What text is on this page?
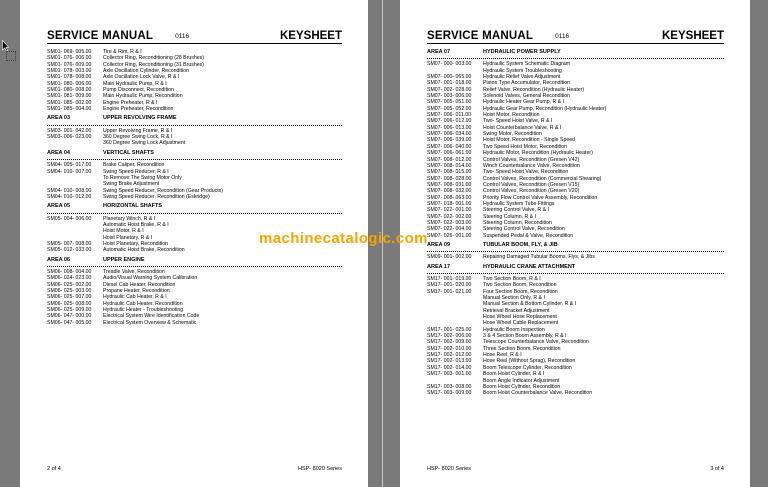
SERVICE MANUAL	0116	KEYSHEET
SM01- 069- 005.00	Tire & Rim, R & I
SM01- 076- 006.00	Collector Ring, Reconditioning (28 Brushes)
SM01- 076- 009.00	Collector Ring, Reconditioning (31 Brushes)
SM01- 078- 003.00	Axle Oscillation Cylinder, Recondition
SM01- 078- 008.00	Axle Oscillation Lock Valve, R & I
SM01- 080- 006.00	Main Hydraulic Pump, R & I
SM01- 080- 008.00	Pump Disconnect, Recondition
SM01- 081- 009.00	Main Hydraulic Pump, Recondition
SM01- 085- 002.00	Engine Preheater, R & I
SM01- 085- 004.00	Engine Preheater, Recondition
AREA 03	UPPER REVOLVING FRAME
SM03- 001- 042.00	Upper Revolving Frame, R & I
SM03- 006- 023.00	360 Degree Swing Lock, R & I
360 Degree Swing Lock Adjustment
AREA 04	VERTICAL SHAFTS
SM04- 005- 017.00	Brake Caliper, Recondition
SM04- 010- 007.00	Swing Speed Reducer, R & I
To Remove The Swing Motor Only
Swing Brake Adjustment
SM04- 010- 008.00	Swing Speed Reducer, Recondition (Gear Products)
SM04- 010- 012.00	Swing Speed Reducer, Recondition (Eskridge)
AREA 05	HORIZONTAL SHAFTS
SM05- 004- 006.00	Planetary Winch, R & I
Automatic Hoist Brake, R & I
Hoist Motor, R & I
Hoist Planetary, R & I
SM05- 007- 008.00	Hoist Planetary, Recondition
SM05- 012- 033.00	Automatic Hoist Brake, Recondition
AREA 06	UPPER ENGINE
SM06- 008- 004.00	Treadle Valve, Recondition
SM06- 024- 023.00	Audio/Visual Warning System Calibration
SM06- 025- 002.00	Diesel Cab Heater, Recondition
SM06- 025- 003.00	Propane Heater, Recondition
SM06- 025- 007.00	Hydraulic Cab Heater, R & I
SM06- 025- 008.00	Hydraulic Cab Heater, Recondition
SM06- 025- 009.00	Hydraulic Heater - Troubleshooting
SM06- 047- 000.00	Electrical System Wire Identification Code
SM06- 047- 005.00	Electrical System Overview & Schematic
2 of 4	HSP- 8020 Series
SERVICE MANUAL	0116	KEYSHEET
AREA 07	HYDRAULIC POWER SUPPLY
SM07- 000- 003.00	Hydraulic System Schematic Diagram
Hydraulic System Troubleshooting
SM07- 000- 065.00	Hydraulic Relief Valve Adjustment
SM07- 001- 018.00	Piston Type Accumulator, Recondition
SM07- 002- 028.00	Relief Valve, Recondition (Hydraulic Heater)
SM07- 003- 006.00	Solenoid Valves, General Recondition
SM07- 005- 051.00	Hydraulic Heater Gear Pump, R & I
SM07- 005- 052.00	Hydraulic Gear Pump, Recondition (Hydraulic Heater)
SM07- 006- 011.00	Hoist Motor, Recondition
SM07- 006- 012.00	Two- Speed Hoist Valve, R & I
SM07- 006- 013.00	Hoist Counterbalance Valve, R & I
SM07- 006- 034.00	Swing Motor, Recondition
SM07- 006- 039.00	Hoist Motor, Recondition - Single Speed
SM07- 006- 040.00	Two Speed Hoist Motor, Recondition
SM07- 006- 061.00	Hydraulic Motor, Recondition (Hydraulic Heater)
SM07- 008- 012.00	Control Valves, Recondition (Gresen V42)
SM07- 008- 014.00	Winch Counterbalance Valve, Recondition
SM07- 008- 015.00	Two- Speed Hoist Valve, Recondition
SM07- 008- 028.00	Control Valves, Recondition (Commercial Shearing)
SM07- 008- 031.00	Control Valves, Recondition (Gresen V15)
SM07- 008- 032.00	Control Valves, Recondition (Gresen V20)
SM07- 008- 063.00	Priority Flow Control Valve Assembly, Recondition
SM07- 018- 001.00	Hydraulic System Tube Fittings
SM07- 022- 001.00	Steering Control Valve, R & I
SM07- 022- 002.00	Steering Column, R & I
SM07- 022- 003.00	Steering Column, Recondition
SM07- 022- 004.00	Steering Control Valve, Recondition
SM07- 026- 001.00	Suspended Pedal & Valve, Recondition
AREA 09	TUBULAR BOOM, FLY, & JIB
SM09- 001- 002.00	Repairing Damaged Tubular Booms, Flys, & Jibs
AREA 17	HYDRAULIC CRANE ATTACHMENT
SM17- 001- 019.00	Two Section Boom, R & I
SM17- 001- 020.00	Two Section Boom, Recondition
SM17- 001- 021.00	Four Section Boom, Recondition
Manual Section Only, R & I
Manual Section & Bottom Cylinder, R & I
Retrieval Bracket Adjustment
Hose Wheel Hose Replacement
Hose Wheel Cable Replacement
SM17- 001- 025.00	Hydraulic Boom Inspection
SM17- 002- 006.00	3 & 4 Section Boom Assembly, R & I
SM17- 002- 009.00	Telescope Counterbalance Valve, Recondition
SM17- 002- 010.00	Three Section Boom, Recondition
SM17- 002- 012.00	Hose Reel, R & I
SM17- 002- 013.00	Hose Reel (Without Sprag), Recondition
SM17- 002- 014.00	Boom Telescope Cylinder, Recondition
SM17- 003- 001.00	Boom Hoist Cylinder, R & I
Boom Angle Indicator Adjustment
SM17- 003- 008.00	Boom Hoist Cylinder, Recondition
SM17- 003- 009.00	Boom Hoist Counterbalance Valve, Recondition
HSP- 8020 Series	3 of 4
machinecatalogic.com
